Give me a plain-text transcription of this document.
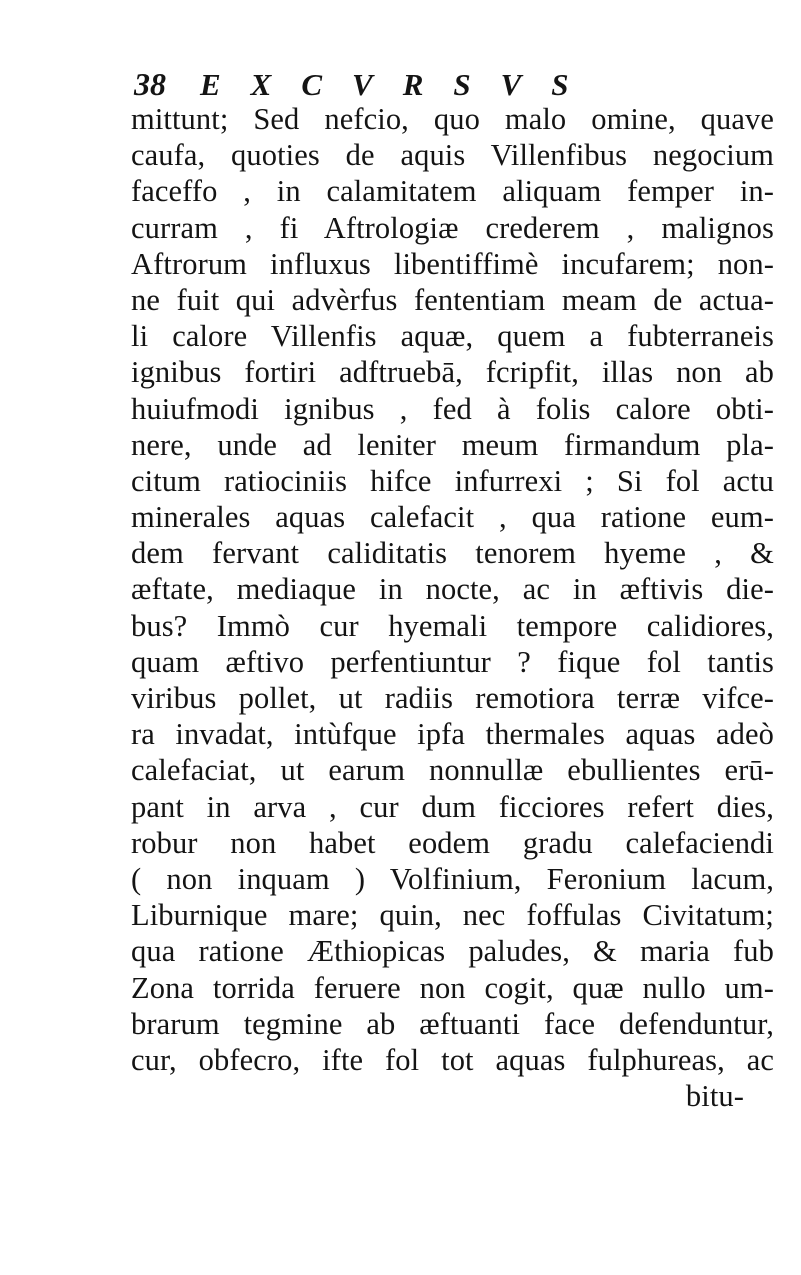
38 EXCVRSVS
mittunt; Sed nefcio, quo malo omine, quave
caufa, quoties de aquis Villenfibus negocium
faceffo , in calamitatem aliquam femper in-
curram , fi Aftrologiæ crederem , malignos
Aftrorum influxus libentiffimè incufarem; non-
ne fuit qui advèrfus fententiam meam de actua-
li calore Villenfis aquæ, quem a fubterraneis
ignibus fortiri adftruebā, fcripfit, illas non ab
huiufmodi ignibus , fed à folis calore obti-
nere, unde ad leniter meum firmandum pla-
citum ratiociniis hifce infurrexi ; Si fol actu
minerales aquas calefacit , qua ratione eum-
dem fervant caliditatis tenorem hyeme , &
æftate, mediaque in nocte, ac in æftivis die-
bus? Immò cur hyemali tempore calidiores,
quam æftivo perfentiuntur ? fique fol tantis
viribus pollet, ut radiis remotiora terræ vifce-
ra invadat, intùfque ipfa thermales aquas adeò
calefaciat, ut earum nonnullæ ebullientes erū-
pant in arva , cur dum ficciores refert dies,
robur non habet eodem gradu calefaciendi
( non inquam ) Volfinium, Feronium lacum,
Liburnique mare; quin, nec foffulas Civitatum;
qua ratione Æthiopicas paludes, & maria fub
Zona torrida feruere non cogit, quæ nullo um-
brarum tegmine ab æftuanti face defenduntur,
cur, obfecro, ifte fol tot aquas fulphureas, ac
bitu-
